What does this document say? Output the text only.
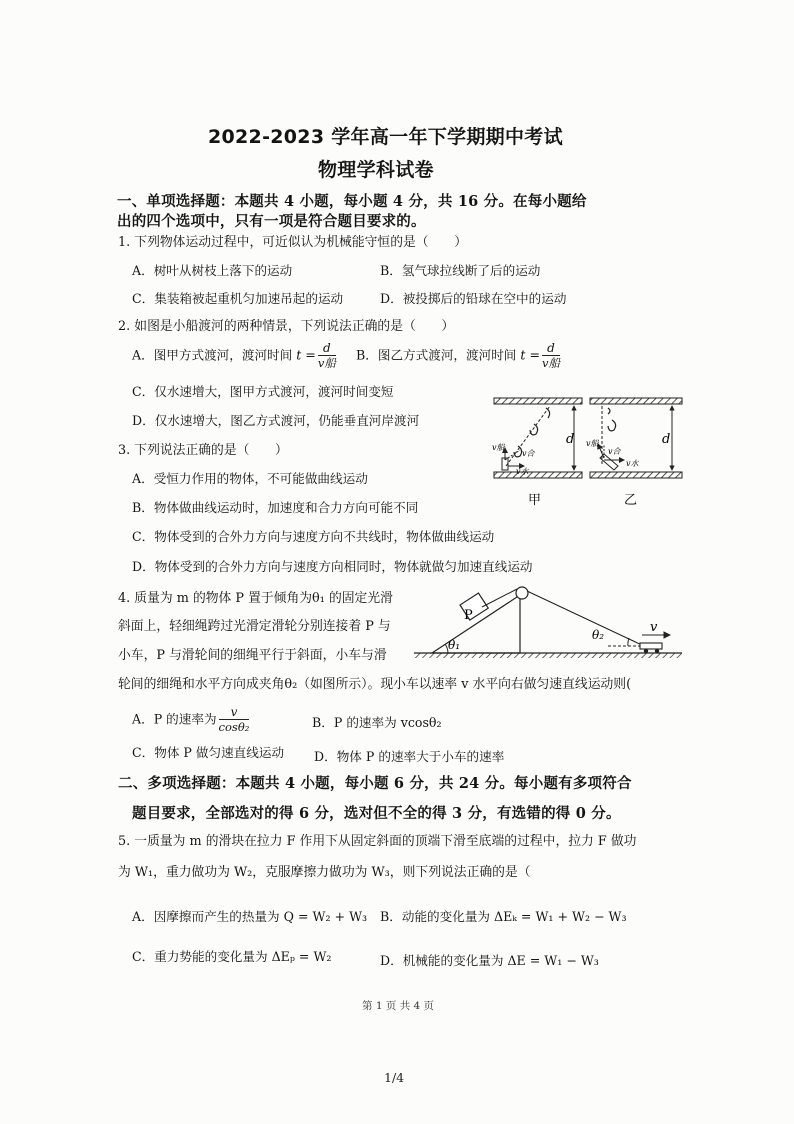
2022-2023 学年高一年下学期期中考试
物理学科试卷
一、单项选择题：本题共 4 小题，每小题 4 分，共 16 分。在每小题给
出的四个选项中，只有一项是符合题目要求的。
1. 下列物体运动过程中，可近似认为机械能守恒的是（　　）
A．树叶从树枝上落下的运动	B．氢气球拉线断了后的运动
C．集装箱被起重机匀加速吊起的运动	D．被投掷后的铅球在空中的运动
2. 如图是小船渡河的两种情景，下列说法正确的是（　　）
A．图甲方式渡河，渡河时间 $t = \frac{d}{\text{v船}}$ B．图乙方式渡河，渡河时间 $t = \frac{d}{\text{v船}}$
C．仅水速增大，图甲方式渡河，渡河时间变短
D．仅水速增大，图乙方式渡河，仍能垂直河岸渡河
d	d
v船
v水
v合
v船
v合
v水
甲	乙
3. 下列说法正确的是（　　）
A．受恒力作用的物体，不可能做曲线运动
B．物体做曲线运动时，加速度和合力方向可能不同
C．物体受到的合外力方向与速度方向不共线时，物体做曲线运动
D．物体受到的合外力方向与速度方向相同时，物体就做匀加速直线运动
4. 质量为 m 的物体 P 置于倾角为θ₁ 的固定光滑
斜面上，轻细绳跨过光滑定滑轮分别连接着 P 与
小车，P 与滑轮间的细绳平行于斜面，小车与滑
轮间的细绳和水平方向成夹角θ₂（如图所示）。现小车以速率 v 水平向右做匀速直线运动则(
P
θ₁
θ₂	v
A．P 的速率为 $\frac{v}{\text{cosθ₂}}$	B．P 的速率为 vcosθ₂
C．物体 P 做匀速直线运动 D．物体 P 的速率大于小车的速率
二、多项选择题：本题共 4 小题，每小题 6 分，共 24 分。每小题有多项符合
题目要求，全部选对的得 6 分，选对但不全的得 3 分，有选错的得 0 分。
5. 一质量为 m 的滑块在拉力 F 作用下从固定斜面的顶端下滑至底端的过程中，拉力 F 做功
为 W₁，重力做功为 W₂，克服摩擦力做功为 W₃，则下列说法正确的是（
A．因摩擦而产生的热量为 Q = W₂ + W₃ B．动能的变化量为 ΔEₖ = W₁ + W₂ − W₃
C．重力势能的变化量为 ΔEₚ = W₂	D．机械能的变化量为 ΔE = W₁ − W₃
第 1 页 共 4 页
1/4
